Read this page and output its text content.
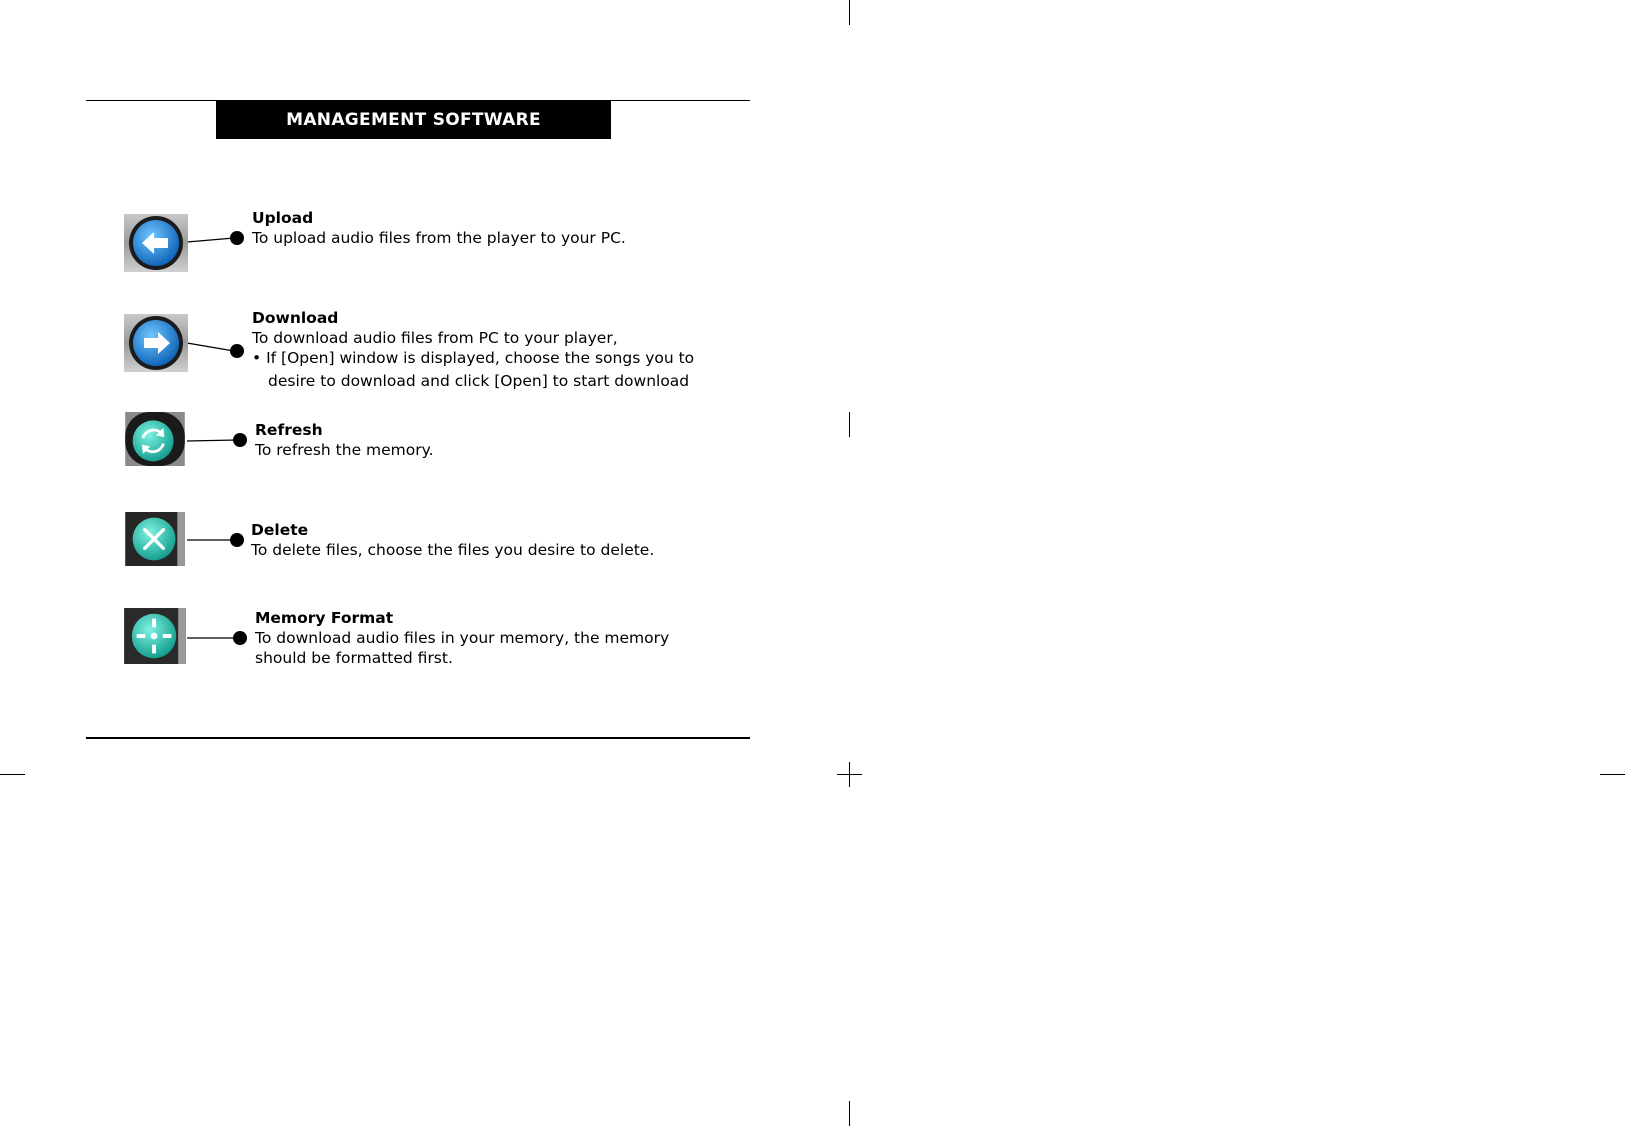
MANAGEMENT SOFTWARE
Upload
To upload audio files from the player to your PC.
Download
To download audio files from PC to your player,
• If [Open] window is displayed, choose the songs you to
desire to download and click [Open] to start download
Refresh
To refresh the memory.
Delete
To delete files, choose the files you desire to delete.
Memory Format
To download audio files in your memory, the memory
should be formatted first.
